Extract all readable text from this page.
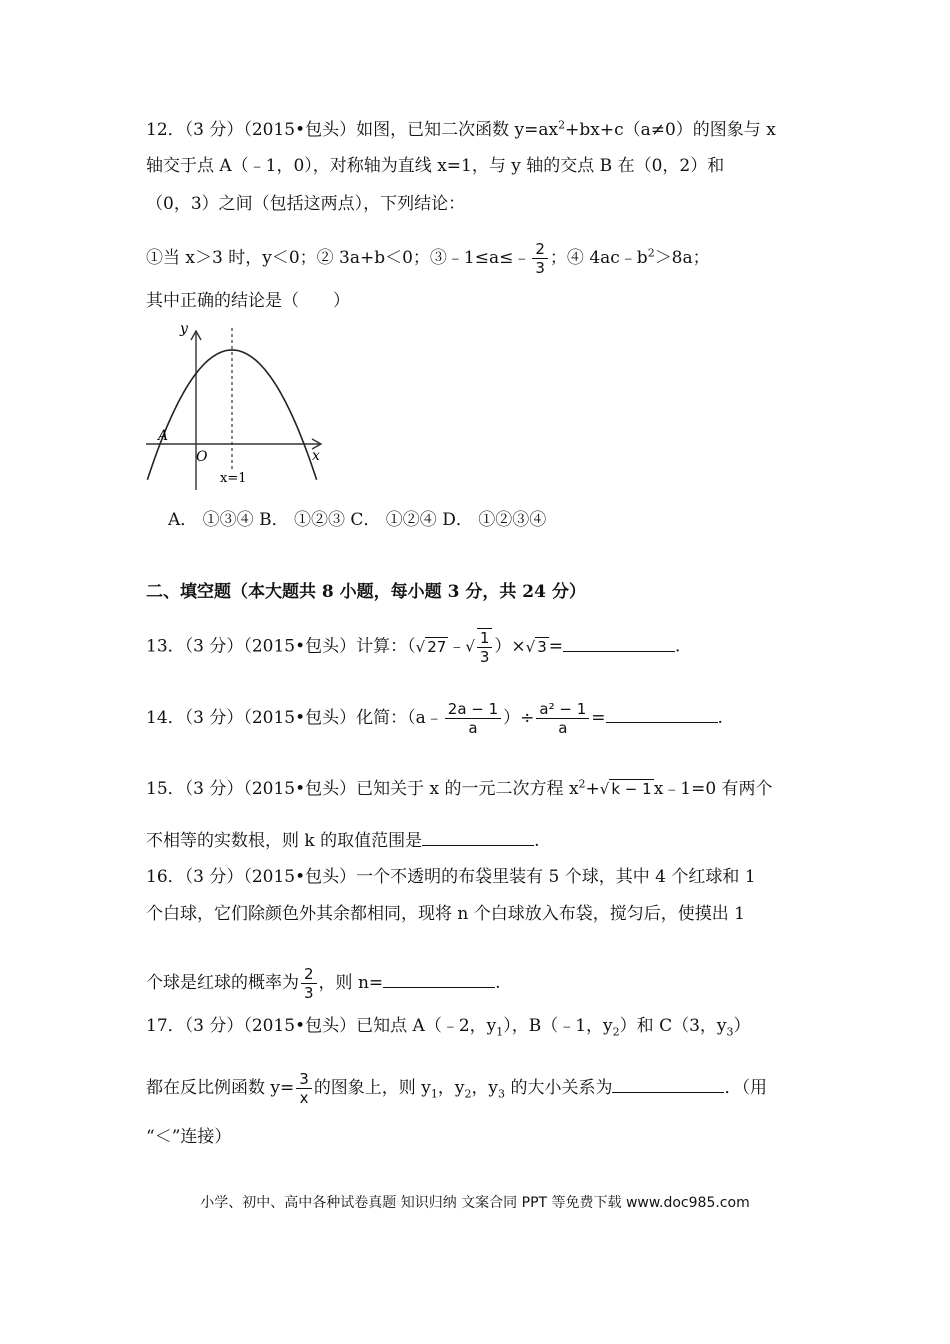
12．（3 分）（2015•包头）如图，已知二次函数 $y=ax^2+bx+c(a\ne 0)$的图象与 x
轴交于点 A（﹣1，0），对称轴为直线 x=1，与 y 轴的交点 B 在（0，2）和
（0，3）之间（包括这两点），下列结论：
①当 x＞3 时，y＜0；② 3a+b＜0；③﹣1≤a≤﹣ $\frac{2}{3}$ ；④ $4ac﹣b^2>8a$；
其中正确的结论是（　　）
y
x
O
A
x=1
A． ①③④ B． ①②③ C． ①②④ D． ①②③④
二、填空题（本大题共 8 小题，每小题 3 分，共 24 分）
13．（3 分）（2015•包头）计算：（√ 27 ﹣√ $\frac{1}{3}$ ）×√ 3 =	.
14．（3 分）（2015•包头）化简：（a﹣ $\frac{2a - 1}{a}$ ）÷ $\frac{\text{a² − 1}}{a}$ =	.
15．（3 分）（2015•包头）已知关于 x 的一元二次方程 $x^2+√$ k − 1 x﹣1=0 有两个
不相等的实数根，则 k 的取值范围是	.
16．（3 分）（2015•包头）一个不透明的布袋里装有 5 个球，其中 4 个红球和 1
个白球，它们除颜色外其余都相同，现将 n 个白球放入布袋，搅匀后，使摸出 1
个球是红球的概率为 $\frac{2}{3}$ ，则 n=	.
17．（3 分）（2015•包头）已知点 A（﹣2，$y_1$），B（﹣1，$y_2$）和 C（3，$y_3$）
都在反比例函数 $y= \frac{3}{x}$ 的图象上，则 $y_1$，$y_2$，$y_3$ 的大小关系为	．（用
“＜”连接）
小学、初中、高中各种试卷真题 知识归纳 文案合同 PPT 等免费下载 www.doc985.com
